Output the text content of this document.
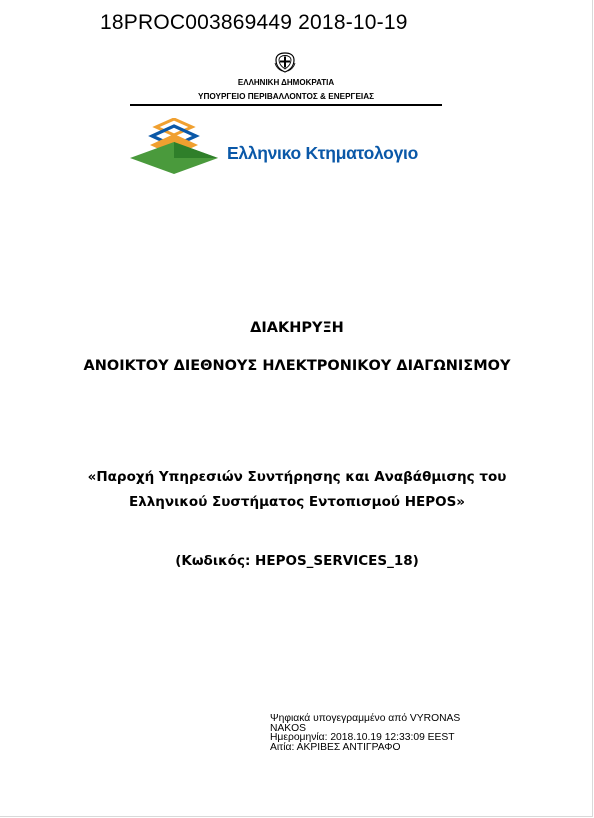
18PROC003869449 2018-10-19
ΕΛΛΗΝΙΚΗ ΔΗΜΟΚΡΑΤΙΑ
ΥΠΟΥΡΓΕΙΟ ΠΕΡΙΒΑΛΛΟΝΤΟΣ & ΕΝΕΡΓΕΙΑΣ
Ελληνικο Κτηματολογιο
ΔΙΑΚΗΡΥΞΗ
ΑΝΟΙΚΤΟΥ ΔΙΕΘΝΟΥΣ ΗΛΕΚΤΡΟΝΙΚΟΥ ΔΙΑΓΩΝΙΣΜΟΥ
«Παροχή Υπηρεσιών Συντήρησης και Αναβάθμισης του
Ελληνικού Συστήματος Εντοπισμού HEPOS»
(Κωδικός: HEPOS_SERVICES_18)
Ψηφιακά υπογεγραμμένο από VYRONAS
NAKOS
Ημερομηνία: 2018.10.19 12:33:09 EEST
Αιτία: ΑΚΡΙΒΕΣ ΑΝΤΙΓΡΑΦΟ
